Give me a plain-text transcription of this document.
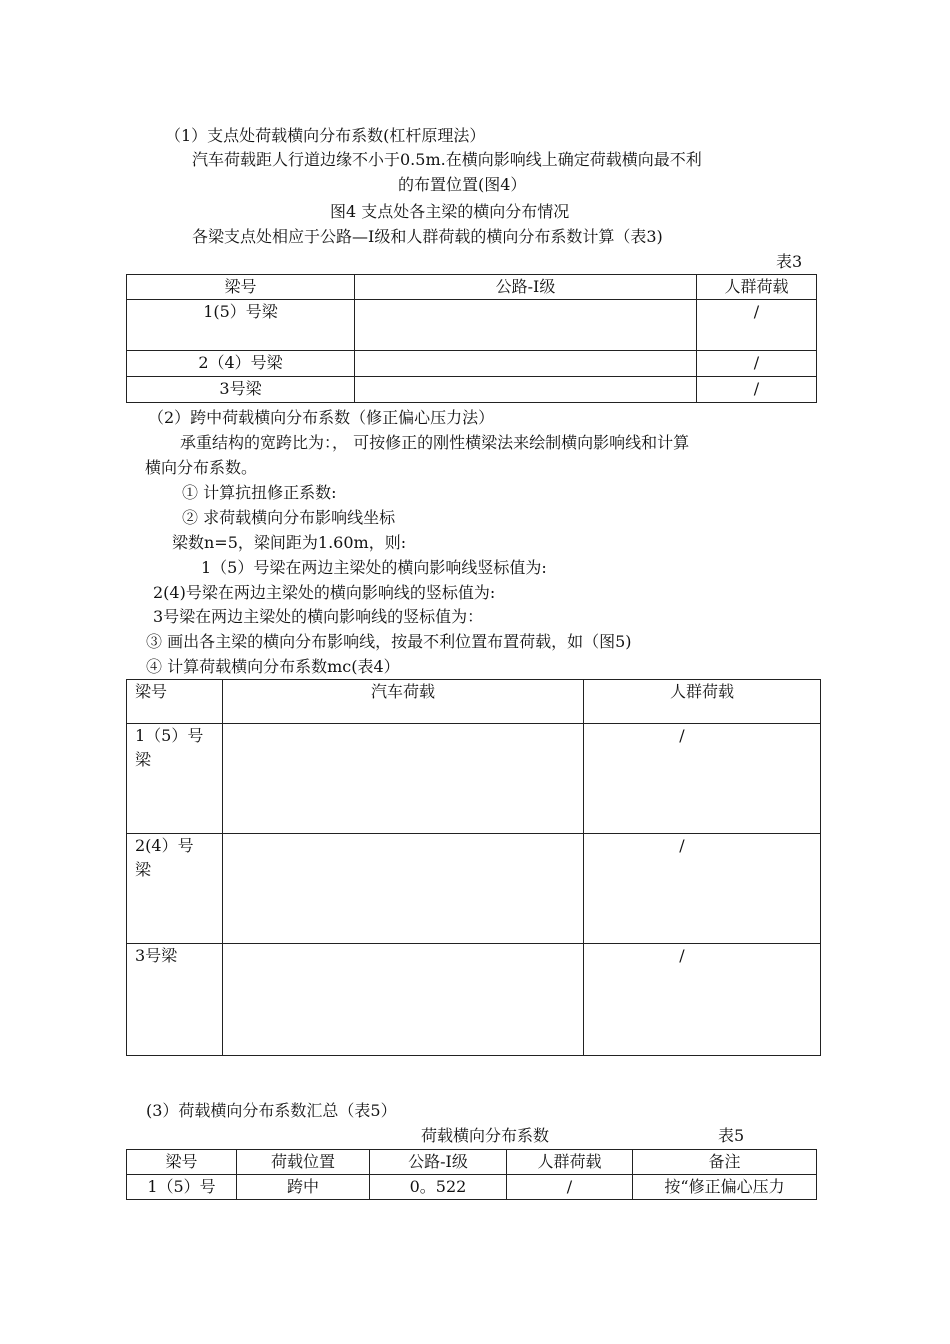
（1）支点处荷载横向分布系数(杠杆原理法）
汽车荷载距人行道边缘不小于0.5m.在横向影响线上确定荷载横向最不利
的布置位置(图4）
图4 支点处各主梁的横向分布情况
各梁支点处相应于公路—Ⅰ级和人群荷载的横向分布系数计算（表3)
表3
梁号	公路-Ⅰ级	人群荷载
1(5）号梁		/
2（4）号梁		/
3号梁		/
（2）跨中荷载横向分布系数（修正偏心压力法）
承重结构的宽跨比为：， 可按修正的刚性横梁法来绘制横向影响线和计算
横向分布系数。
① 计算抗扭修正系数:
② 求荷载横向分布影响线坐标
梁数n=5，梁间距为1.60m，则:
1（5）号梁在两边主梁处的横向影响线竖标值为:
2(4)号梁在两边主梁处的横向影响线的竖标值为:
3号梁在两边主梁处的横向影响线的竖标值为：
③ 画出各主梁的横向分布影响线，按最不利位置布置荷载，如（图5)
④ 计算荷载横向分布系数mc(表4）
梁号	汽车荷载	人群荷载

1（5）号
梁		/

2(4）号
梁		/

3号梁		/
(3）荷载横向分布系数汇总（表5）
荷载横向分布系数	表5
梁号	荷载位置	公路-Ⅰ级	人群荷载	备注
1（5）号	跨中	0。522	/	按“修正偏心压力
